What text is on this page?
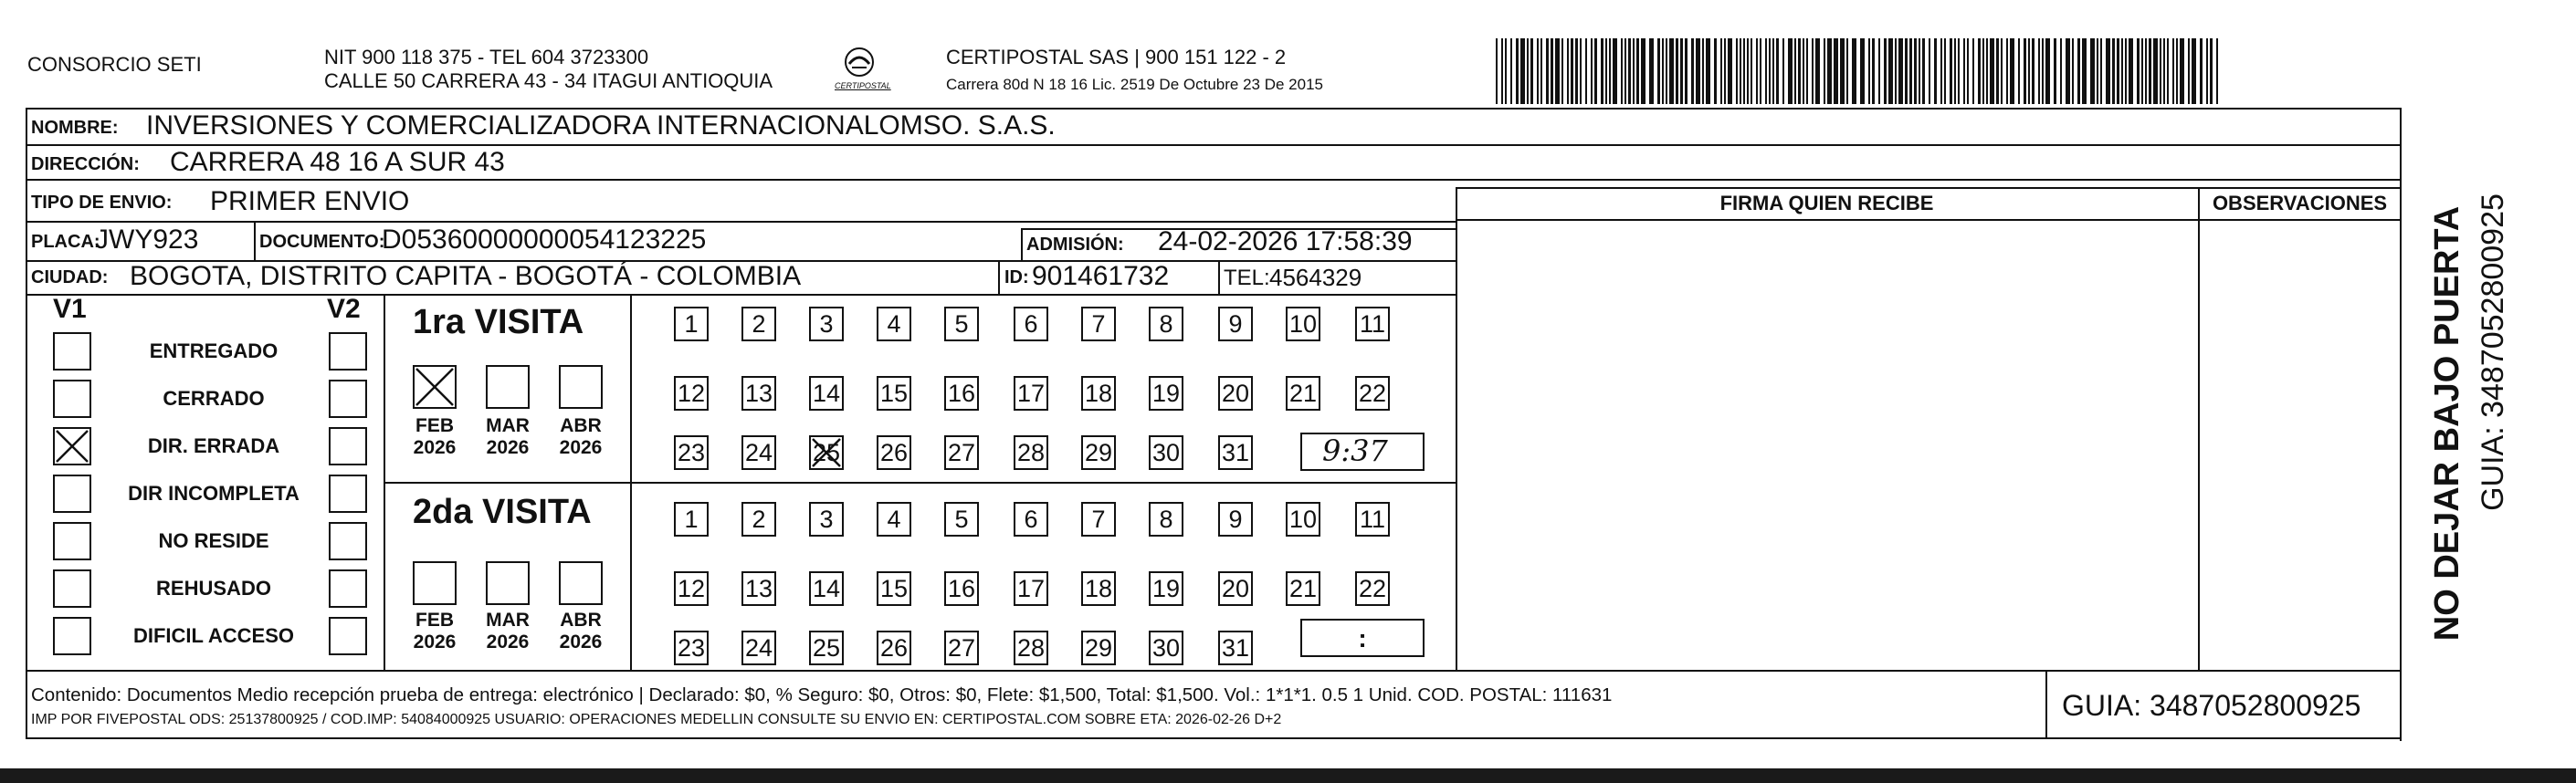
CONSORCIO SETI	NIT 900 118 375 - TEL 604 3723300
CALLE 50 CARRERA 43 - 34 ITAGUI ANTIOQUIA	CERTIPOSTAL
CERTIPOSTAL SAS | 900 151 122 - 2
Carrera 80d N 18 16 Lic. 2519 De Octubre 23 De 2015
FIRMA QUIEN RECIBE	OBSERVACIONES
NOMBRE: INVERSIONES Y COMERCIALIZADORA INTERNACIONALOMSO. S.A.S.
DIRECCIÓN: CARRERA 48 16 A SUR 43
TIPO DE ENVIO: PRIMER ENVIO
PLACA:
JWY923	DOCUMENTO:
D05360000000054123225	ADMISIÓN: 24-02-2026 17:58:39
CIUDAD: BOGOTA, DISTRITO CAPITA - BOGOTÁ - COLOMBIA	ID: 901461732 TEL: 4564329
V1	V2
ENTREGADO
CERRADO
DIR. ERRADA
DIR INCOMPLETA
NO RESIDE
REHUSADO
DIFICIL ACCESO
1ra VISITA
2da VISITA
FEB
2026
MAR
2026
ABR
2026
FEB
2026
MAR
2026
ABR
2026
1	2	3	4	5	6	7	8	9	10 11
12 13 14 15 16 17 18 19 20 21 22
23 24 25 26 27 28 29 30 31
1	2	3	4	5	6	7	8	9	10 11
12 13 14 15 16 17 18 19 20 21 22
23 24 25 26 27 28 29 30 31
9:37
:
Contenido: Documentos Medio recepción prueba de entrega: electrónico | Declarado: $0, % Seguro: $0, Otros: $0, Flete: $1,500, Total: $1,500. Vol.: 1*1*1. 0.5 1 Unid. COD. POSTAL: 111631
IMP POR FIVEPOSTAL ODS: 25137800925 / COD.IMP: 54084000925 USUARIO: OPERACIONES MEDELLIN CONSULTE SU ENVIO EN: CERTIPOSTAL.COM SOBRE ETA: 2026-02-26 D+2	GUIA: 3487052800925
NO DEJAR BAJO PUERTA GUIA: 3487052800925
